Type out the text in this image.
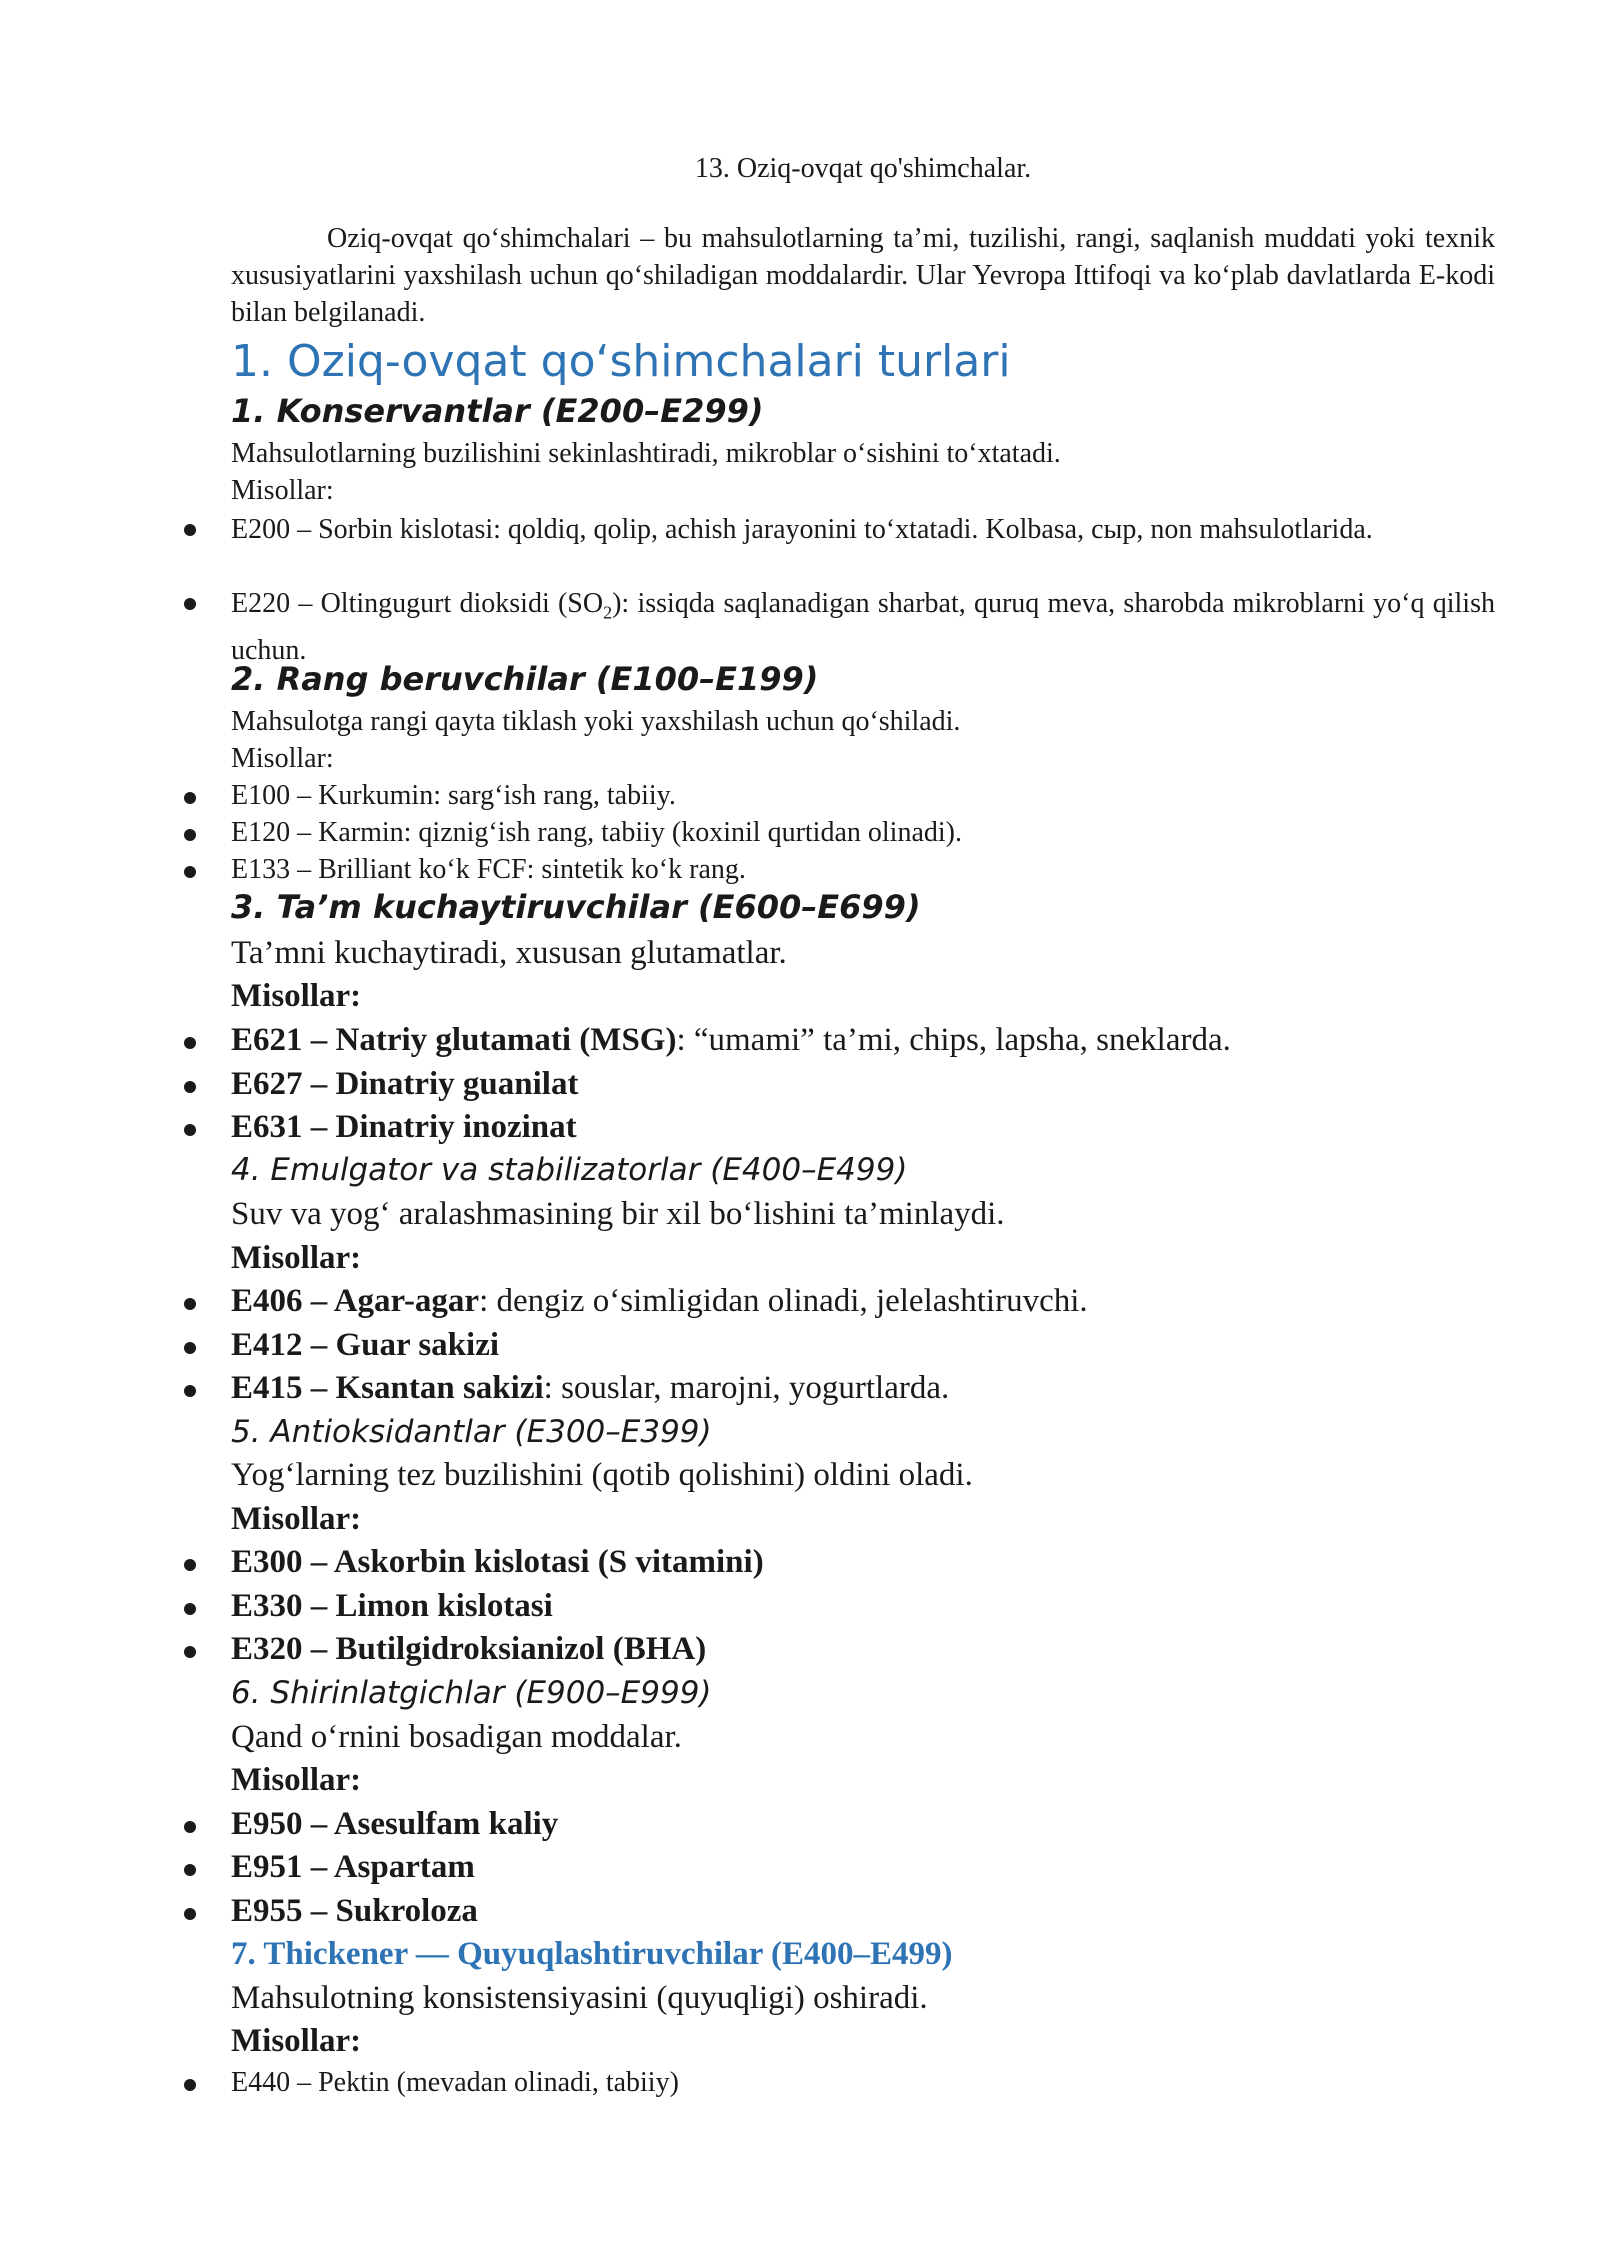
13. Oziq-ovqat qo'shimchalar.
Oziq-ovqat qo‘shimchalari – bu mahsulotlarning ta’mi, tuzilishi, rangi, saqlanish muddati yoki texnik xususiyatlarini yaxshilash uchun qo‘shiladigan moddalardir. Ular Yevropa Ittifoqi va ko‘plab davlatlarda E-kodi bilan belgilanadi.
1. Oziq-ovqat qo‘shimchalari turlari
1. Konservantlar (E200–E299)
Mahsulotlarning buzilishini sekinlashtiradi, mikroblar o‘sishini to‘xtatadi.
Misollar:
E200 – Sorbin kislotasi: qoldiq, qolip, achish jarayonini to‘xtatadi. Kolbasa, сыр, non mahsulotlarida.
E220 – Oltingugurt dioksidi $(SO_2)$: issiqda saqlanadigan sharbat, quruq meva, sharobda mikroblarni yo‘q qilish uchun.
2. Rang beruvchilar (E100–E199)
Mahsulotga rangi qayta tiklash yoki yaxshilash uchun qo‘shiladi.
Misollar:
E100 – Kurkumin: sarg‘ish rang, tabiiy.
E120 – Karmin: qiznig‘ish rang, tabiiy (koxinil qurtidan olinadi).
E133 – Brilliant ko‘k FCF: sintetik ko‘k rang.
3. Ta’m kuchaytiruvchilar (E600–E699)
Ta’mni kuchaytiradi, xususan glutamatlar.
Misollar:
E621 – Natriy glutamati (MSG): “umami” ta’mi, chips, lapsha, sneklarda.
E627 – Dinatriy guanilat
E631 – Dinatriy inozinat
4. Emulgator va stabilizatorlar (E400–E499)
Suv va yog‘ aralashmasining bir xil bo‘lishini ta’minlaydi.
Misollar:
E406 – Agar-agar: dengiz o‘simligidan olinadi, jelelashtiruvchi.
E412 – Guar sakizi
E415 – Ksantan sakizi: souslar, marojni, yogurtlarda.
5. Antioksidantlar (E300–E399)
Yog‘larning tez buzilishini (qotib qolishini) oldini oladi.
Misollar:
E300 – Askorbin kislotasi (S vitamini)
E330 – Limon kislotasi
E320 – Butilgidroksianizol (BHA)
6. Shirinlatgichlar (E900–E999)
Qand o‘rnini bosadigan moddalar.
Misollar:
E950 – Asesulfam kaliy
E951 – Aspartam
E955 – Sukroloza
7. Thickener — Quyuqlashtiruvchilar (E400–E499)
Mahsulotning konsistensiyasini (quyuqligi) oshiradi.
Misollar:
E440 – Pektin (mevadan olinadi, tabiiy)
